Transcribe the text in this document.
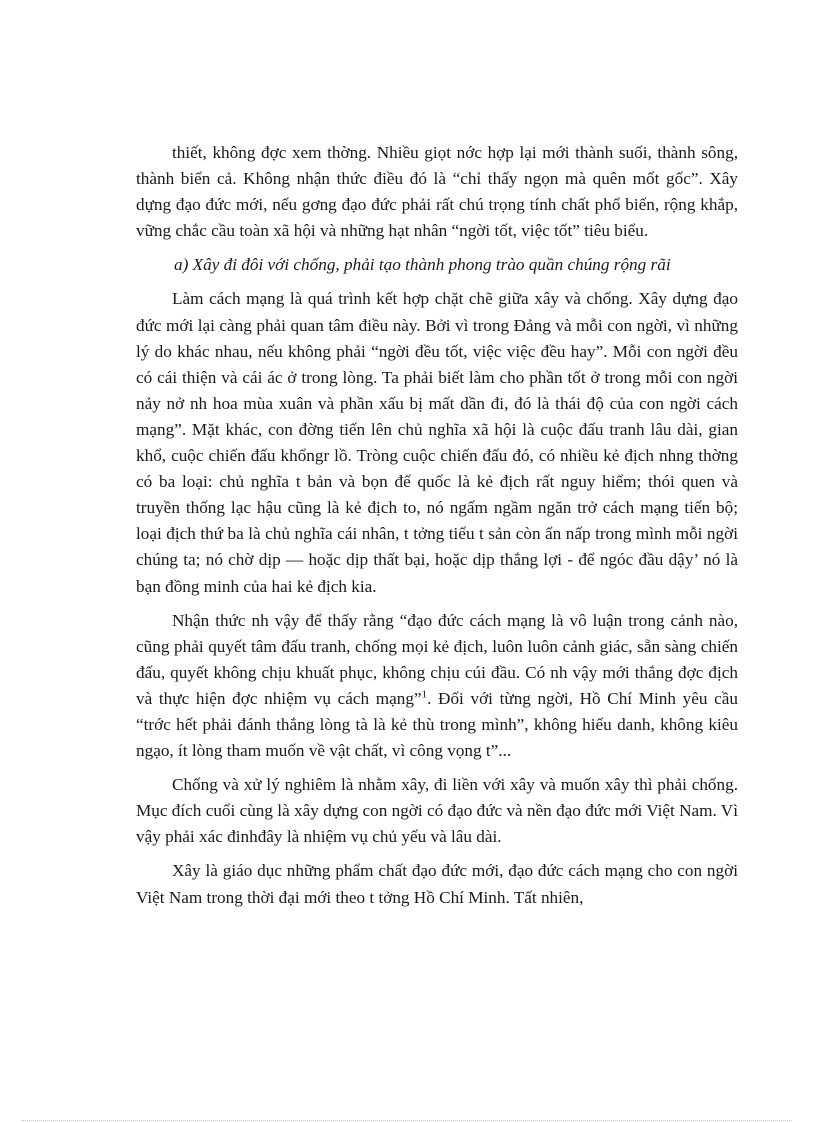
thiết, không đợc xem thờng. Nhiều giọt nớc hợp lại mới thành suối, thành sông, thành biển cả. Không nhận thức điều đó là “chỉ thấy ngọn mà quên mốt gốc”. Xây dựng đạo đức mới, nếu gơng đạo đức phải rất chú trọng tính chất phổ biến, rộng khắp, vững chắc cầu toàn xã hội và những hạt nhân “ngời tốt, việc tốt” tiêu biểu.

a) Xây đi đôi với chống, phải tạo thành phong trào quần chúng rộng rãi

Làm cách mạng là quá trình kết hợp chặt chẽ giữa xây và chống. Xây dựng đạo đức mới lại càng phải quan tâm điều này. Bởi vì trong Đảng và mỗi con ngời, vì những lý do khác nhau, nếu không phải “ngời đều tốt, việc việc đều hay”. Mỗi con ngời đều có cái thiện và cái ác ở trong lòng. Ta phải biết làm cho phần tốt ở trong mỗi con ngời nảy nở nh hoa mùa xuân và phần xấu bị mất dần đi, đó là thái độ của con ngời cách mạng”. Mặt khác, con đờng tiến lên chủ nghĩa xã hội là cuộc đấu tranh lâu dài, gian khổ, cuộc chiến đấu khổngr lồ. Tròng cuộc chiến đấu đó, có nhiều kẻ địch nhng thờng có ba loại: chủ nghĩa t bản và bọn đế quốc là kẻ địch rất nguy hiểm; thói quen và truyền thống lạc hậu cũng là kẻ địch to, nó ngấm ngầm ngăn trở cách mạng tiến bộ; loại địch thứ ba là chủ nghĩa cái nhân, t tởng tiểu t sản còn ẩn nấp trong mình mỗi ngời chúng ta; nó chờ dịp — hoặc dịp thất bại, hoặc dịp thắng lợi - để ngóc đầu dậy’ nó là bạn đồng minh của hai kẻ địch kia.

Nhận thức nh vậy để thấy rằng “đạo đức cách mạng là vô luận trong cảnh nào, cũng phải quyết tâm đấu tranh, chống mọi kẻ địch, luôn luôn cảnh giác, sẵn sàng chiến đấu, quyết không chịu khuất phục, không chịu cúi đầu. Có nh vậy mới thắng đợc địch và thực hiện đợc nhiệm vụ cách mạng”$^1$. Đối với từng ngời, Hồ Chí Minh yêu cầu “trớc hết phải đánh thắng lòng tà là kẻ thù trong mình”, không hiếu danh, không kiêu ngạo, ít lòng tham muốn về vật chất, vì công vọng t”...

Chống và xử lý nghiêm là nhằm xây, đi liền với xây và muốn xây thì phải chống. Mục đích cuối cùng là xây dựng con ngời có đạo đức và nền đạo đức mới Việt Nam. Vì vậy phải xác đinhđây là nhiệm vụ chủ yếu và lâu dài.

Xây là giáo dục những phẩm chất đạo đức mới, đạo đức cách mạng cho con ngời Việt Nam trong thời đại mới theo t tởng Hồ Chí Minh. Tất nhiên,
